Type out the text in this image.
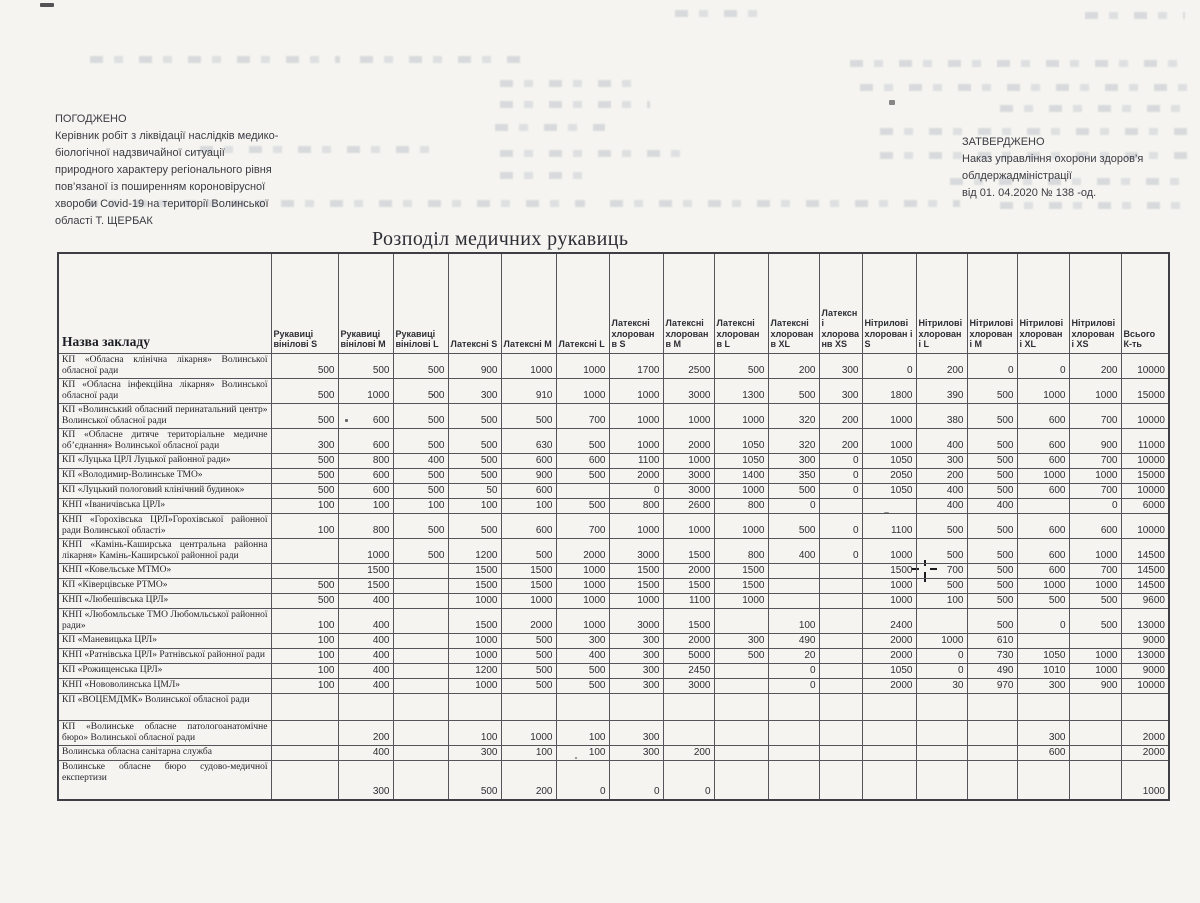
ПОГОДЖЕНО
Керівник робіт з ліквідації наслідків медико-
біологічної надзвичайної ситуації
природного характеру регіонального рівня
пов’язаної із поширенням короновірусної
хвороби Covid-19 на території Волинської
області Т. ЩЕРБАК
ЗАТВЕРДЖЕНО
Наказ управління охорони здоров’я
облдержадміністрації
від 01. 04.2020 № 138 -од.
Розподіл медичних рукавиць
Назва закладу	Рукавиці вінілові S	Рукавиці вінілові M	Рукавиці вінілові L	Латексні S	Латексні M	Латексні L	Латексні хлорован в S	Латексні хлорован в M	Латексні хлорован в L	Латексні хлорован в XL	Латексні хлорованв XS	Нітрилові хлорован і S	Нітрилові хлорован і L	Нітрилові хлорован і M	Нітрилові хлорован і XL	Нітрилові хлорован і XS	Всього К-ть
КП «Обласна клінічна лікарня» Волинської обласної ради	500	500	500	900	1000	1000	1700	2500	500	200	300	0	200	0	0	200	10000
КП «Обласна інфекційна лікарня» Волинської обласної ради	500	1000	500	300	910	1000	1000	3000	1300	500	300	1800	390	500	1000	1000	15000
КП «Волинський обласний перинатальний центр» Волинської обласної ради	500	600	500	500	500	700	1000	1000	1000	320	200	1000	380	500	600	700	10000
КП «Обласне дитяче територіальне медичне об’єднання» Волинської обласної ради	300	600	500	500	630	500	1000	2000	1050	320	200	1000	400	500	600	900	11000
КП «Луцька ЦРЛ Луцької районної ради»	500	800	400	500	600	600	1100	1000	1050	300	0	1050	300	500	600	700	10000
КП «Володимир-Волинське ТМО»	500	600	500	500	900	500	2000	3000	1400	350	0	2050	200	500	1000	1000	15000
КП «Луцький пологовий клінічний будинок»	500	600	500	50	600		0	3000	1000	500	0	1050	400	500	600	700	10000
КНП «Іваничівська ЦРЛ»	100	100	100	100	100	500	800	2600	800	0			400	400		0	6000
КНП «Горохівська ЦРЛ»Горохівської районної ради Волинської області»	100	800	500	500	600	700	1000	1000	1000	500	0	1100	500	500	600	600	10000
КНП «Камінь-Каширська центральна районна лікарня» Камінь-Каширської районної ради		1000	500	1200	500	2000	3000	1500	800	400	0	1000	500	500	600	1000	14500
КНП «Ковельське МТМО»		1500		1500	1500	1000	1500	2000	1500			1500	700	500	600	700	14500
КП «Ківерцівське РТМО»	500	1500		1500	1500	1000	1500	1500	1500			1000	500	500	1000	1000	14500
КНП «Любешівська ЦРЛ»	500	400		1000	1000	1000	1000	1100	1000			1000	100	500	500	500	9600
КНП «Любомльське ТМО Любомльської районної ради»	100	400		1500	2000	1000	3000	1500		100		2400		500	0	500	13000
КП «Маневицька ЦРЛ»	100	400		1000	500	300	300	2000	300	490		2000	1000	610			9000
КНП «Ратнівська ЦРЛ» Ратнівської районної ради	100	400		1000	500	400	300	5000	500	20		2000	0	730	1050	1000	13000
КП «Рожищенська ЦРЛ»	100	400		1200	500	500	300	2450		0		1050	0	490	1010	1000	9000
КНП «Нововолинська ЦМЛ»	100	400		1000	500	500	300	3000		0		2000	30	970	300	900	10000
КП «ВОЦЕМДМК» Волинської обласної ради																	
КП «Волинське обласне патологоанатомічне бюро» Волинської обласної ради		200		100	1000	100	300								300		2000
Волинська обласна санітарна служба		400		300	100	100	300	200							600		2000
Волинське обласне бюро судово-медичної експертизи		300		500	200	0	0	0									1000
